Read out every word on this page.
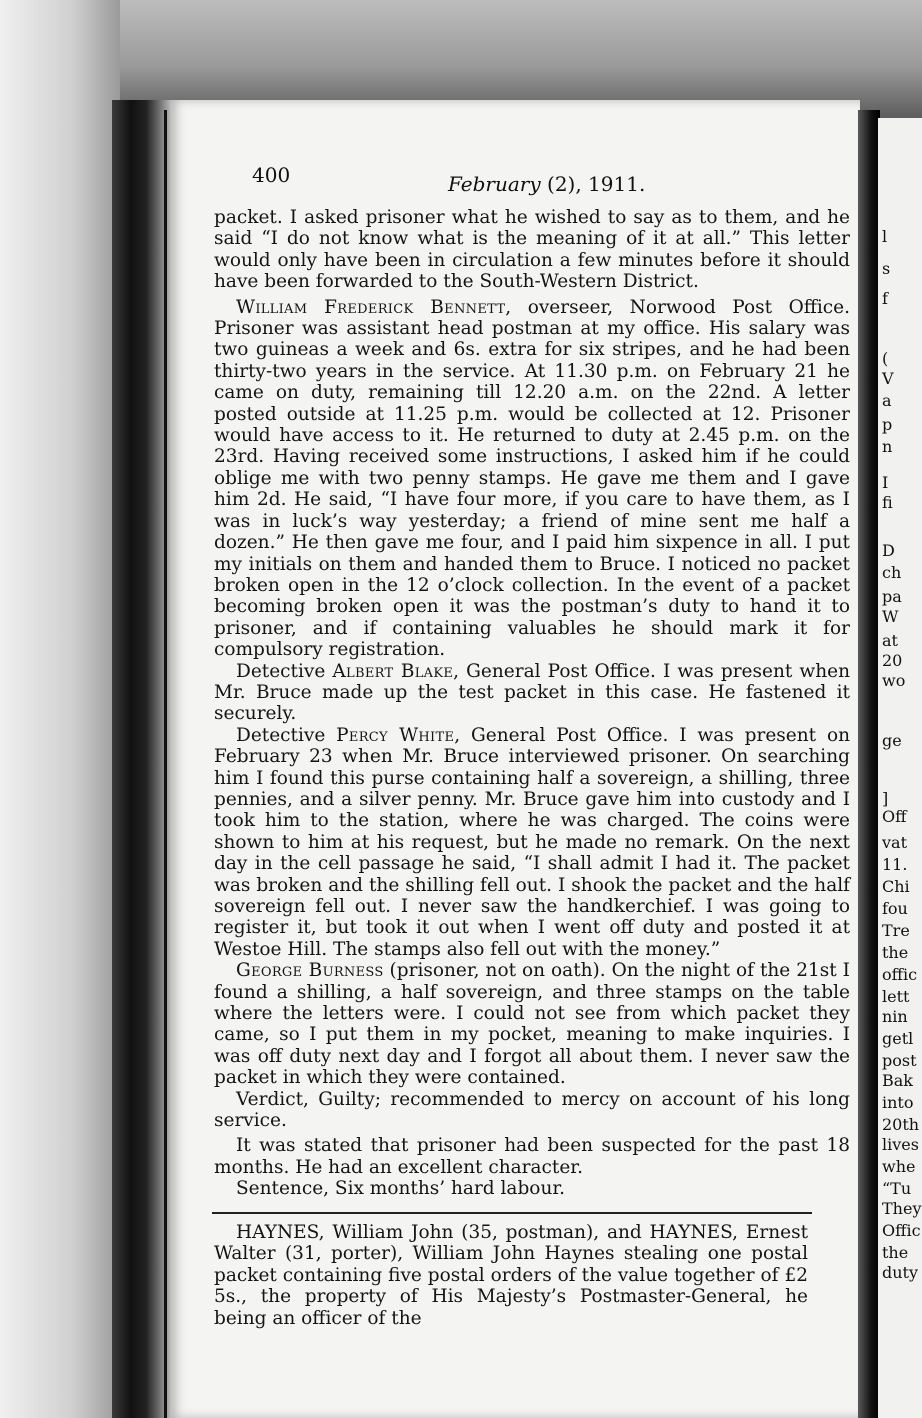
l
s
f
(
V
a
p
n
I
fi
D
ch
pa
W
at
20
wo
ge
]
Off
vat
11.
Chi
fou
Tre
the
offic
lett
nin
getl
post
Bak
into
20th
lives
whe
“Tu
They
Offic
the
duty
400	February (2), 1911.

packet. I asked prisoner what he wished to say as to them, and he said “I do not know what is the meaning of it at all.” This letter would only have been in circulation a few minutes before it should have been forwarded to the South-Western District.

William Frederick Bennett, overseer, Norwood Post Office. Prisoner was assistant head postman at my office. His salary was two guineas a week and 6s. extra for six stripes, and he had been thirty-two years in the service. At 11.30 p.m. on February 21 he came on duty, remaining till 12.20 a.m. on the 22nd. A letter posted outside at 11.25 p.m. would be collected at 12. Prisoner would have access to it. He returned to duty at 2.45 p.m. on the 23rd. Having received some instructions, I asked him if he could oblige me with two penny stamps. He gave me them and I gave him 2d. He said, “I have four more, if you care to have them, as I was in luck’s way yesterday; a friend of mine sent me half a dozen.” He then gave me four, and I paid him sixpence in all. I put my initials on them and handed them to Bruce. I noticed no packet broken open in the 12 o’clock collection. In the event of a packet becoming broken open it was the postman’s duty to hand it to prisoner, and if containing valuables he should mark it for compulsory registration.

Detective Albert Blake, General Post Office. I was present when Mr. Bruce made up the test packet in this case. He fastened it securely.

Detective Percy White, General Post Office. I was present on February 23 when Mr. Bruce interviewed prisoner. On searching him I found this purse containing half a sovereign, a shilling, three pennies, and a silver penny. Mr. Bruce gave him into custody and I took him to the station, where he was charged. The coins were shown to him at his request, but he made no remark. On the next day in the cell passage he said, “I shall admit I had it. The packet was broken and the shilling fell out. I shook the packet and the half sovereign fell out. I never saw the handkerchief. I was going to register it, but took it out when I went off duty and posted it at Westoe Hill. The stamps also fell out with the money.”

George Burness (prisoner, not on oath). On the night of the 21st I found a shilling, a half sovereign, and three stamps on the table where the letters were. I could not see from which packet they came, so I put them in my pocket, meaning to make inquiries. I was off duty next day and I forgot all about them. I never saw the packet in which they were contained.

Verdict, Guilty; recommended to mercy on account of his long service.

It was stated that prisoner had been suspected for the past 18 months. He had an excellent character.

Sentence, Six months’ hard labour.

HAYNES, William John (35, postman), and HAYNES, Ernest Walter (31, porter), William John Haynes stealing one postal packet containing five postal orders of the value together of £2 5s., the property of His Majesty’s Postmaster-General, he being an officer of the
